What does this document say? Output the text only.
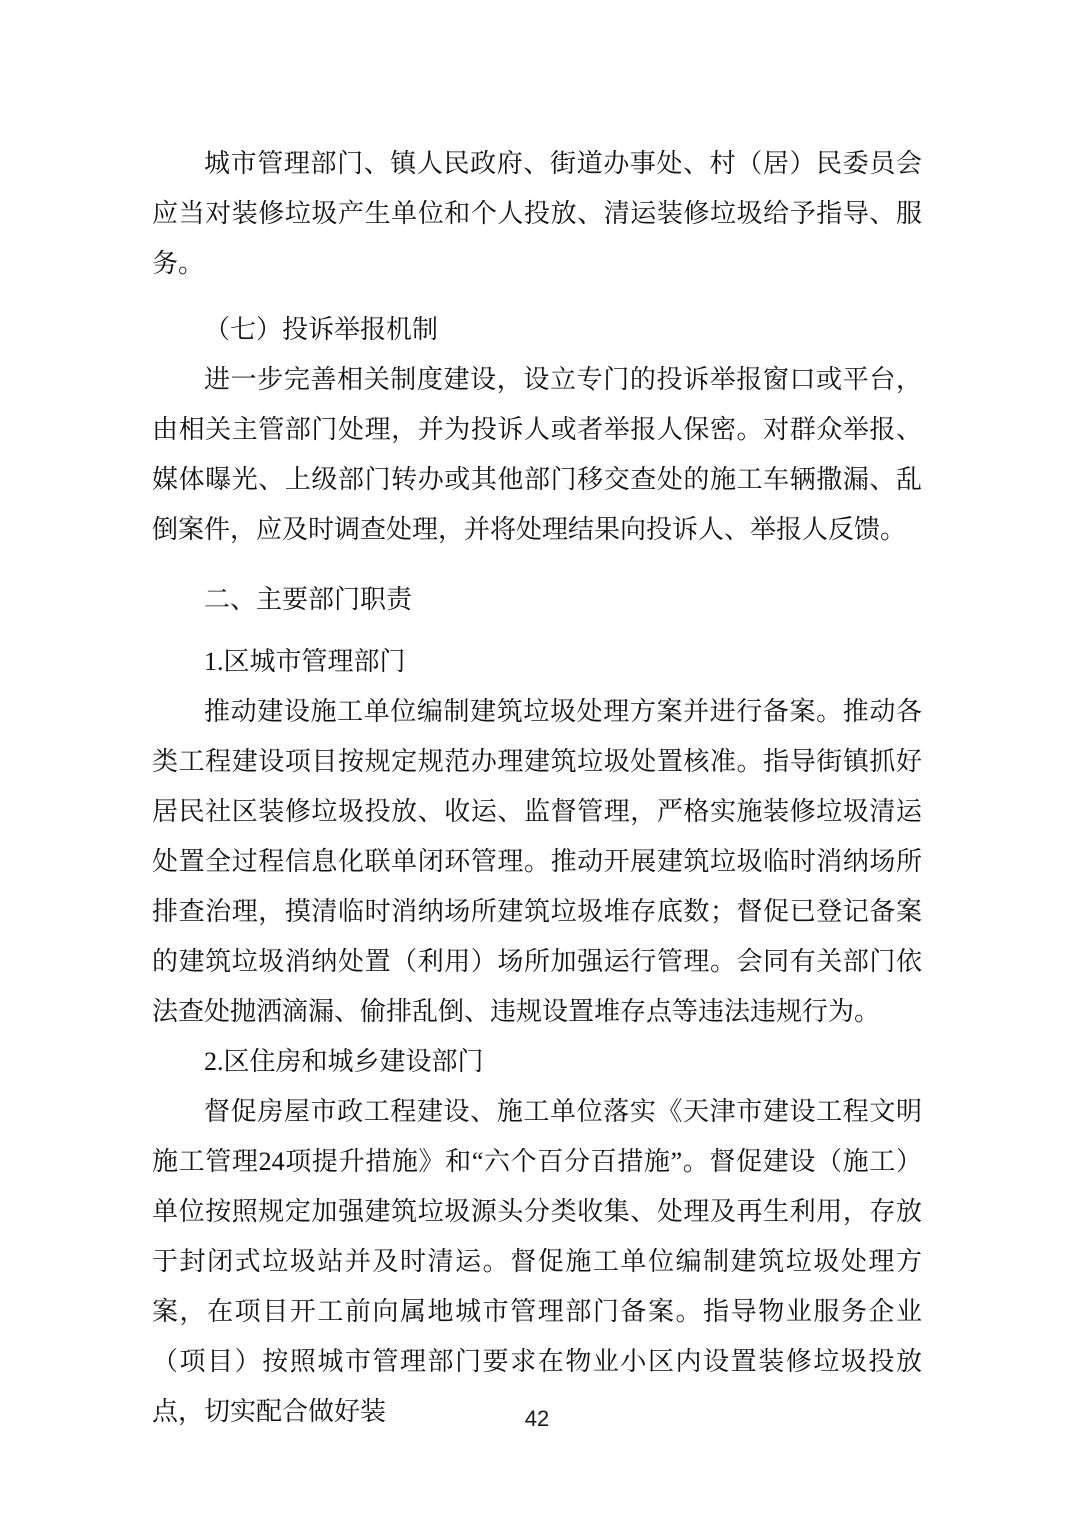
城市管理部门、镇人民政府、街道办事处、村（居）民委员会应当对装修垃圾产生单位和个人投放、清运装修垃圾给予指导、服务。

（七）投诉举报机制

进一步完善相关制度建设，设立专门的投诉举报窗口或平台，由相关主管部门处理，并为投诉人或者举报人保密。对群众举报、媒体曝光、上级部门转办或其他部门移交查处的施工车辆撒漏、乱倒案件，应及时调查处理，并将处理结果向投诉人、举报人反馈。

二、主要部门职责

1.区城市管理部门

推动建设施工单位编制建筑垃圾处理方案并进行备案。推动各类工程建设项目按规定规范办理建筑垃圾处置核准。指导街镇抓好居民社区装修垃圾投放、收运、监督管理，严格实施装修垃圾清运处置全过程信息化联单闭环管理。推动开展建筑垃圾临时消纳场所排查治理，摸清临时消纳场所建筑垃圾堆存底数；督促已登记备案的建筑垃圾消纳处置（利用）场所加强运行管理。会同有关部门依法查处抛洒滴漏、偷排乱倒、违规设置堆存点等违法违规行为。

2.区住房和城乡建设部门

督促房屋市政工程建设、施工单位落实《天津市建设工程文明施工管理24项提升措施》和“六个百分百措施”。督促建设（施工）单位按照规定加强建筑垃圾源头分类收集、处理及再生利用，存放于封闭式垃圾站并及时清运。督促施工单位编制建筑垃圾处理方案，在项目开工前向属地城市管理部门备案。指导物业服务企业（项目）按照城市管理部门要求在物业小区内设置装修垃圾投放点，切实配合做好装	42
